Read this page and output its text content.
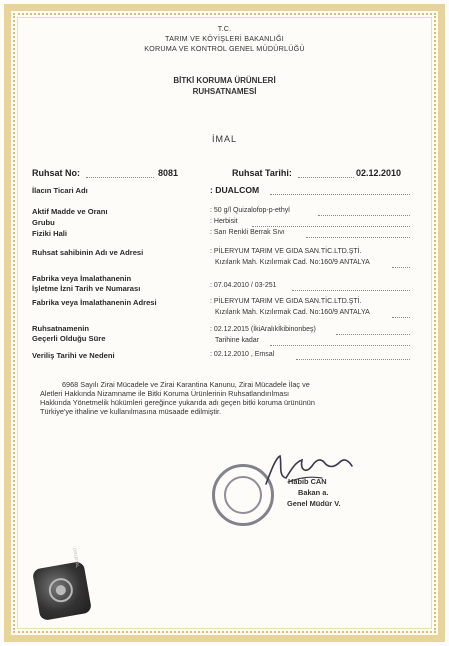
T.C.
TARIM VE KÖYİŞLERİ BAKANLIĞI
KORUMA VE KONTROL GENEL MÜDÜRLÜĞÜ
BİTKİ KORUMA ÜRÜNLERİ
RUHSATNAMESİ
İMAL
Ruhsat No:	8081	Ruhsat Tarihi:	02.12.2010
İlacın Ticari Adı	: DUALCOM
Aktif Madde ve Oranı	: 50 g/l Quizalofop-p-ethyl
Grubu	: Herbisit
Fiziki Hali	: Sarı Renkli Berrak Sıvı
Ruhsat sahibinin Adı ve Adresi	: PİLERYUM TARIM VE GIDA SAN.TİC.LTD.ŞTİ.
Kızılarık Mah. Kızılırmak Cad. No:160/9 ANTALYA
Fabrika veya İmalathanenin
İşletme İzni Tarih ve Numarası	: 07.04.2010 / 03-251
Fabrika veya İmalathanenin Adresi	: PİLERYUM TARIM VE GIDA SAN.TİC.LTD.ŞTİ.
Kızılarık Mah. Kızılırmak Cad. No:160/9 ANTALYA
Ruhsatnamenin
Geçerli Olduğu Süre
: 02.12.2015 (İkiAralıkİkibinonbeş)
Tarihine kadar
Veriliş Tarihi ve Nedeni	: 02.12.2010 , Emsal
6968 Sayılı Zirai Mücadele ve Zirai Karantina Kanunu, Zirai Mücadele İlaç ve
Aletleri Hakkında Nizamname ile Bitki Koruma Ürünlerinin Ruhsatlandırılması
Hakkında Yönetmelik hükümleri gereğince yukarıda adı geçen bitki koruma ürününün
Türkiye'ye ithaline ve kullanılmasına müsaade edilmiştir.
Habib CAN
Bakan a.
Genel Müdür V.
ORIJINAL
